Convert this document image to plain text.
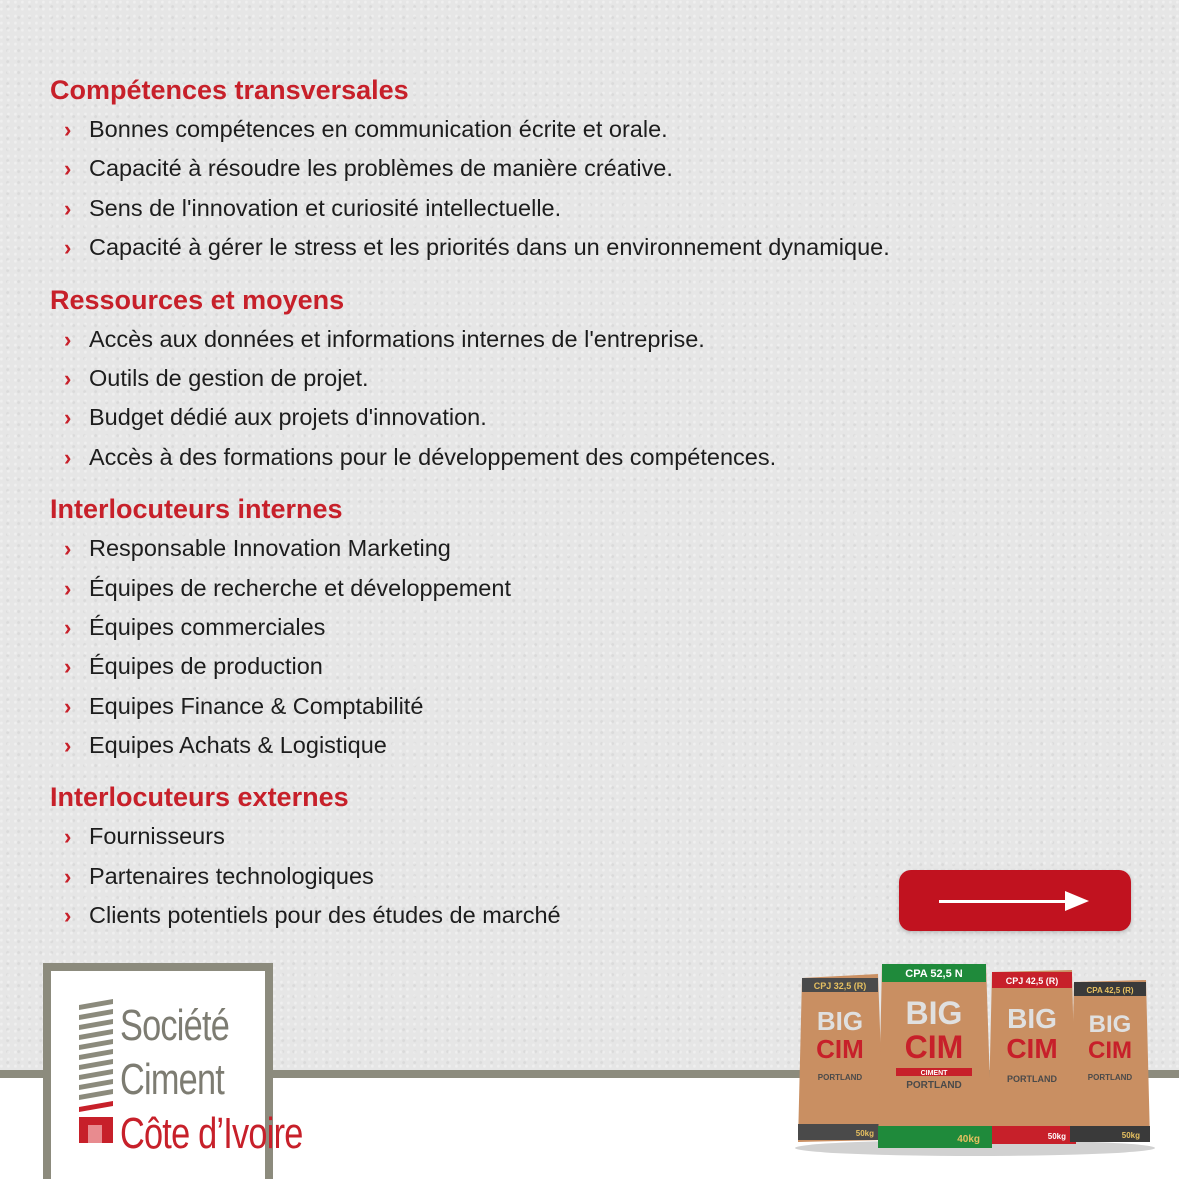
Compétences transversales
› Bonnes compétences en communication écrite et orale.
› Capacité à résoudre les problèmes de manière créative.
› Sens de l'innovation et curiosité intellectuelle.
› Capacité à gérer le stress et les priorités dans un environnement dynamique.
Ressources et moyens
› Accès aux données et informations internes de l'entreprise.
› Outils de gestion de projet.
› Budget dédié aux projets d'innovation.
› Accès à des formations pour le développement des compétences.
Interlocuteurs internes
› Responsable Innovation Marketing
› Équipes de recherche et développement
› Équipes commerciales
› Équipes de production
› Equipes Finance & Comptabilité
› Equipes Achats & Logistique
Interlocuteurs externes
› Fournisseurs
› Partenaires technologiques
› Clients potentiels pour des études de marché
Société
Ciment
Côte d’Ivoire
CPJ 32,5 (R)
BIG
CIM
PORTLAND
50kg
CPJ 42,5 (R)
BIG
CIM
PORTLAND
50kg
CPA 42,5 (R)
BIG
CIM
PORTLAND
50kg
CPA 52,5 N
BIG
CIM
CIMENT
PORTLAND
40kg
